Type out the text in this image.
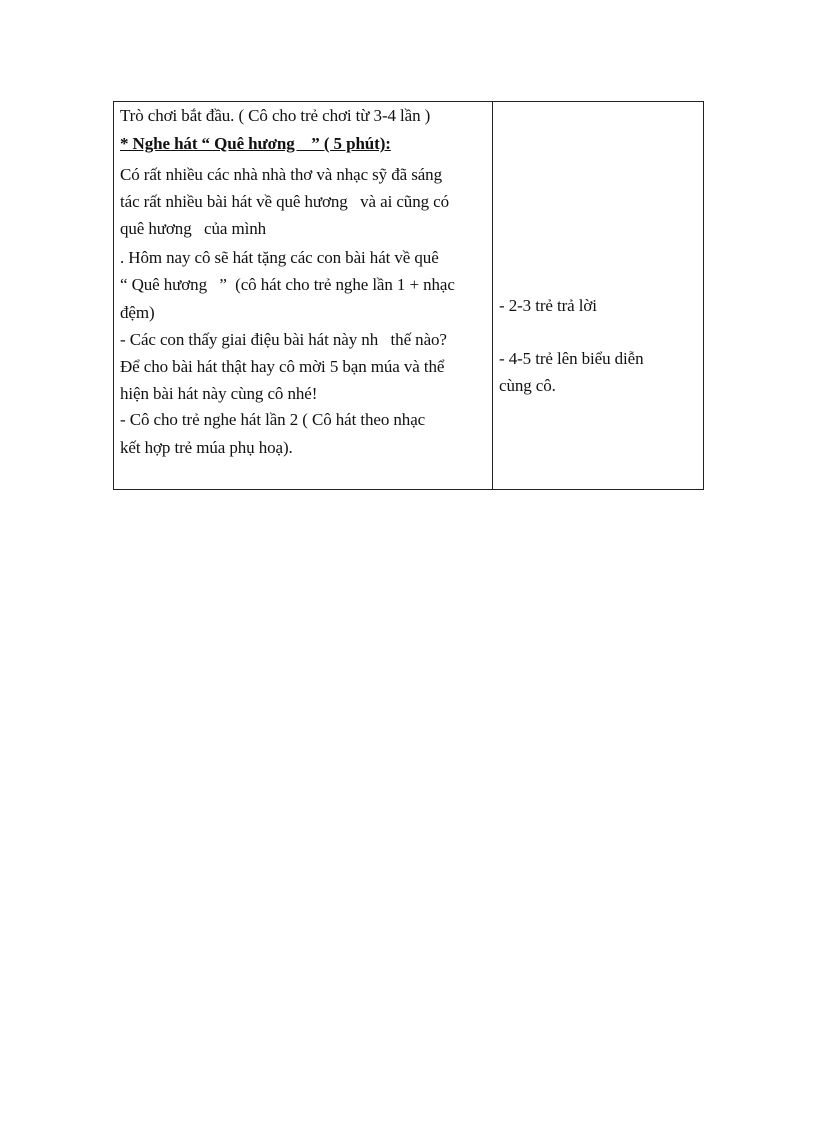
Trò chơi bắt đầu. ( Cô cho trẻ chơi từ 3-4 lần )
* Nghe hát “ Quê hương    ” ( 5 phút):
Có rất nhiều các nhà nhà thơ và nhạc sỹ đã sáng
tác rất nhiều bài hát về quê hương   và ai cũng có
quê hương   của mình
. Hôm nay cô sẽ hát tặng các con bài hát về quê
“ Quê hương   ”  (cô hát cho trẻ nghe lần 1 + nhạc
đệm)
- Các con thấy giai điệu bài hát này nh   thế nào?
Để cho bài hát thật hay cô mời 5 bạn múa và thể
hiện bài hát này cùng cô nhé!
- Cô cho trẻ nghe hát lần 2 ( Cô hát theo nhạc
kết hợp trẻ múa phụ hoạ).
- 2-3 trẻ trả lời
- 4-5 trẻ lên biểu diễn
cùng cô.
